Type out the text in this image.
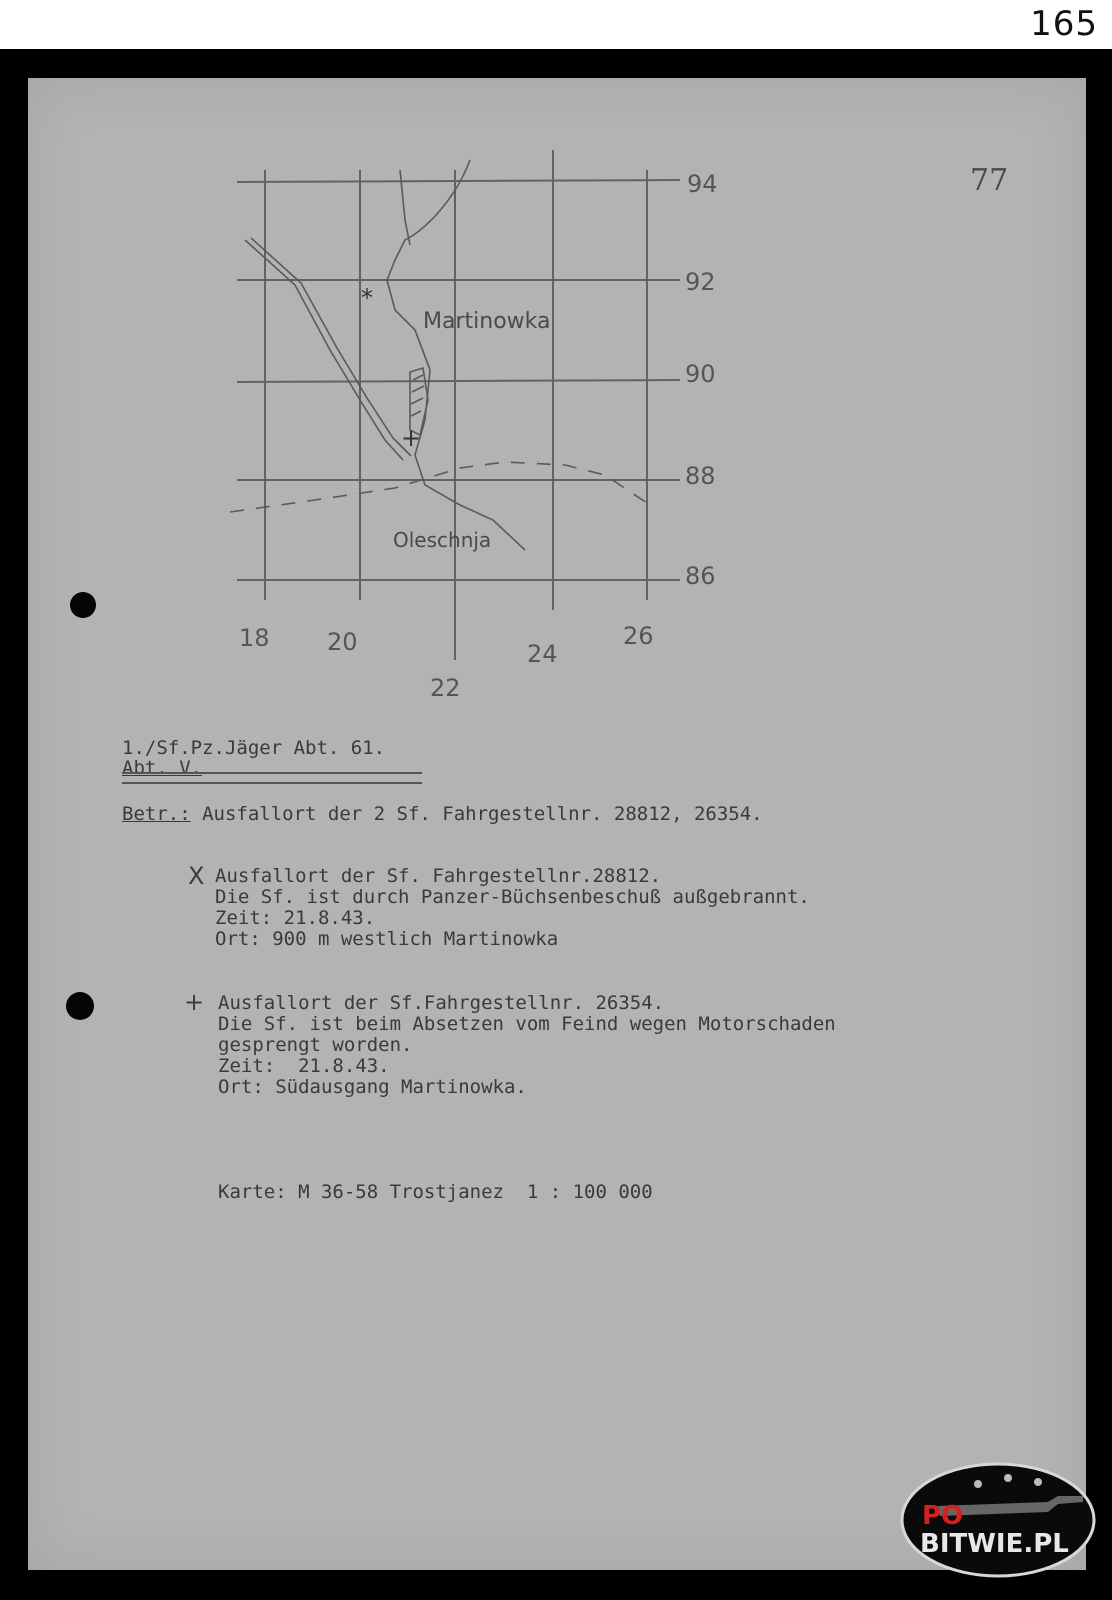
165
77
*
+
Martinowka
Oleschnja
94
92
90
88
86
18 20
22
24
26
1./Sf.Pz.Jäger Abt. 61.
Abt. V.
Betr.: Ausfallort der 2 Sf. Fahrgestellnr. 28812, 26354.
X Ausfallort der Sf. Fahrgestellnr.28812.
Die Sf. ist durch Panzer-Büchsenbeschuß außgebrannt.
Zeit: 21.8.43.
Ort: 900 m westlich Martinowka
+ Ausfallort der Sf.Fahrgestellnr. 26354.
Die Sf. ist beim Absetzen vom Feind wegen Motorschaden
gesprengt worden.
Zeit:  21.8.43.
Ort: Südausgang Martinowka.
Karte: M 36-58 Trostjanez  1 : 100 000
PO
BITWIE.PL
